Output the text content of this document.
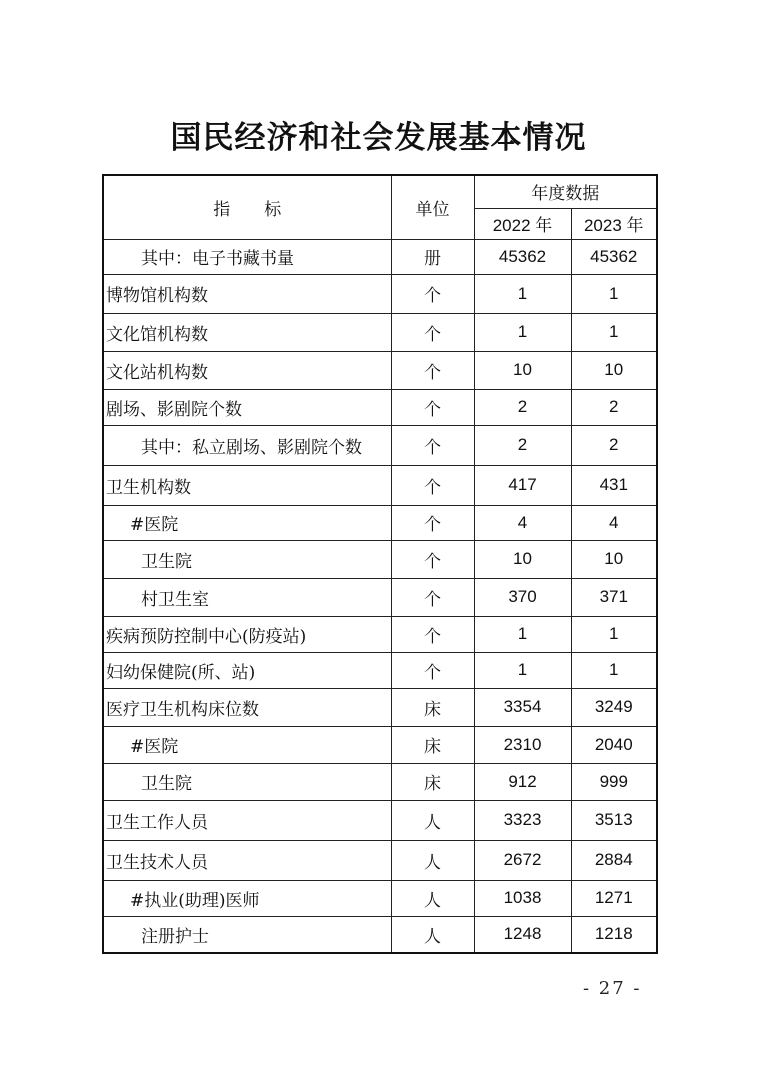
国民经济和社会发展基本情况
指　　标	单位	年度数据	
		2022 年	2023 年
其中：电子书藏书量	册	45362	45362
博物馆机构数	个	1	1
文化馆机构数	个	1	1
文化站机构数	个	10	10
剧场、影剧院个数	个	2	2
其中：私立剧场、影剧院个数	个	2	2
卫生机构数	个	417	431
#医院	个	4	4
卫生院	个	10	10
村卫生室	个	370	371
疾病预防控制中心(防疫站)	个	1	1
妇幼保健院(所、站)	个	1	1
医疗卫生机构床位数	床	3354	3249
#医院	床	2310	2040
卫生院	床	912	999
卫生工作人员	人	3323	3513
卫生技术人员	人	2672	2884
#执业(助理)医师	人	1038	1271
注册护士	人	1248	1218
- 27 -
